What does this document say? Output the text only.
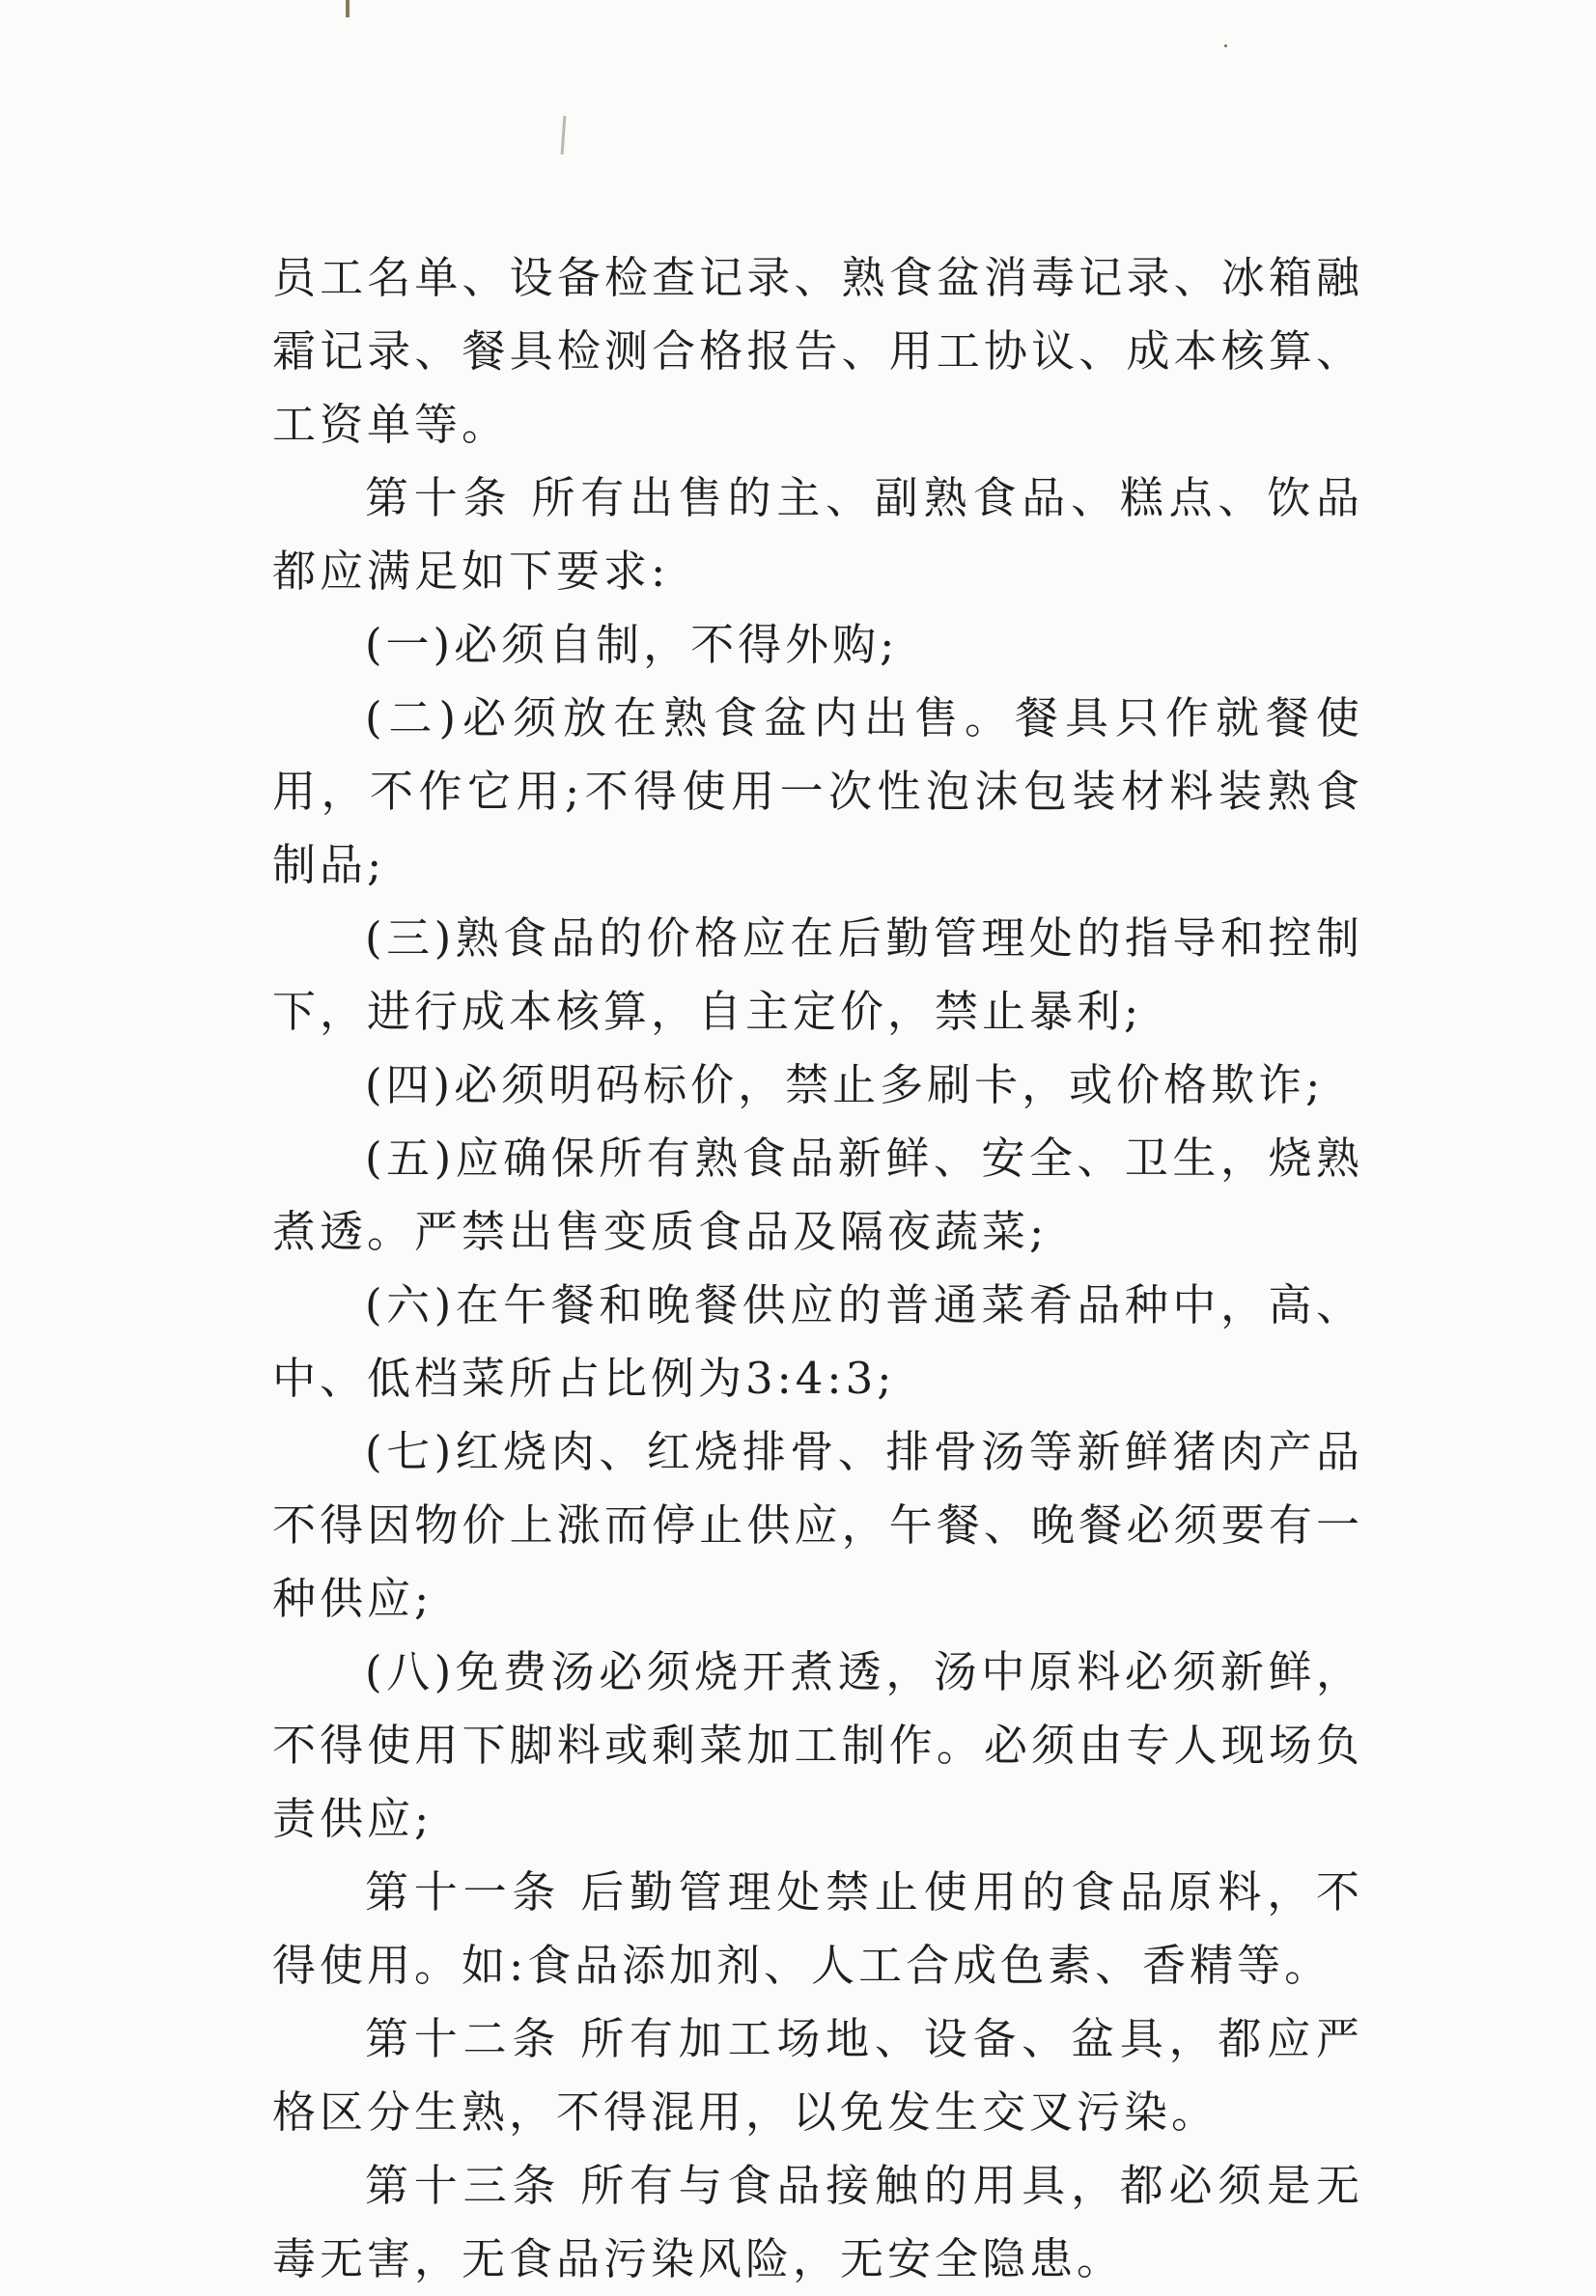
员工名单、设备检查记录、熟食盆消毒记录、冰箱融霜记录、餐具检测合格报告、用工协议、成本核算、工资单等。

第十条 所有出售的主、副熟食品、糕点、饮品都应满足如下要求:

(一)必须自制，不得外购;

(二)必须放在熟食盆内出售。餐具只作就餐使用，不作它用;不得使用一次性泡沫包装材料装熟食制品;

(三)熟食品的价格应在后勤管理处的指导和控制下，进行成本核算，自主定价，禁止暴利;

(四)必须明码标价，禁止多刷卡，或价格欺诈;

(五)应确保所有熟食品新鲜、安全、卫生，烧熟煮透。严禁出售变质食品及隔夜蔬菜;

(六)在午餐和晚餐供应的普通菜肴品种中，高、中、低档菜所占比例为3:4:3;

(七)红烧肉、红烧排骨、排骨汤等新鲜猪肉产品不得因物价上涨而停止供应，午餐、晚餐必须要有一种供应;

(八)免费汤必须烧开煮透，汤中原料必须新鲜，不得使用下脚料或剩菜加工制作。必须由专人现场负责供应;

第十一条 后勤管理处禁止使用的食品原料，不得使用。如:食品添加剂、人工合成色素、香精等。

第十二条 所有加工场地、设备、盆具，都应严格区分生熟，不得混用，以免发生交叉污染。

第十三条 所有与食品接触的用具，都必须是无毒无害，无食品污染风险，无安全隐患。
